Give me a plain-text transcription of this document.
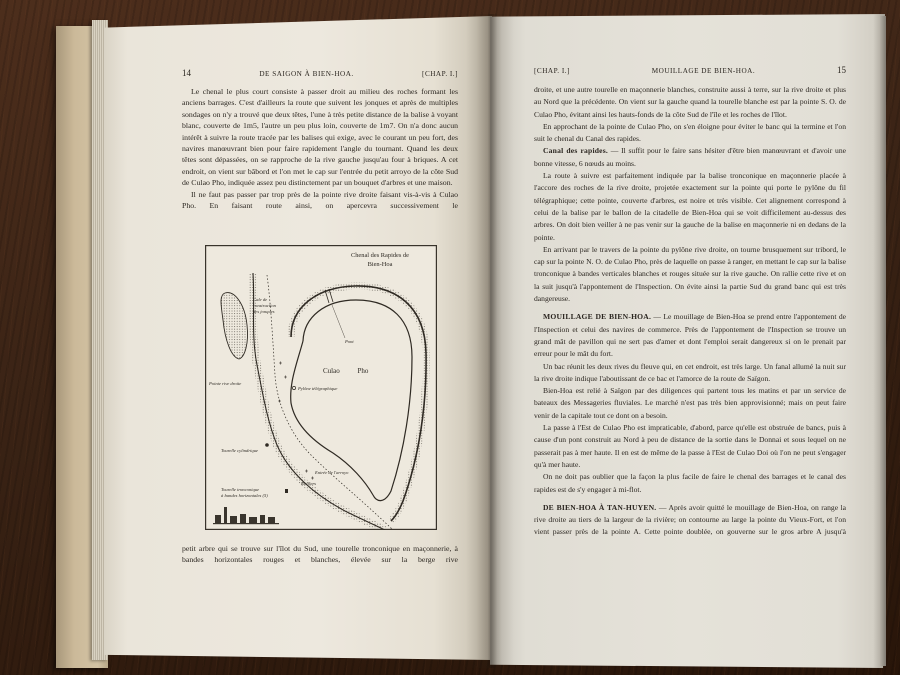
14	DE SAIGON À BIEN-HOA.	[CHAP. I.]

Le chenal le plus court consiste à passer droit au milieu des roches formant les anciens barrages. C'est d'ailleurs la route que suivent les jonques et après de multiples sondages on n'y a trouvé que deux têtes, l'une à très petite distance de la balise à voyant blanc, couverte de 1m5, l'autre un peu plus loin, couverte de 1m7. On n'a donc aucun intérêt à suivre la route tracée par les balises qui exige, avec le courant un peu fort, des navires manœuvrant bien pour faire rapidement l'angle du tournant. Quand les deux têtes sont dépassées, on se rapproche de la rive gauche jusqu'au four à briques. A cet endroit, on vient sur bâbord et l'on met le cap sur l'entrée du petit arroyo de la côte Sud de Culao Pho, indiquée assez peu distinctement par un bouquet d'arbres et une maison.

Il ne faut pas passer par trop près de la pointe rive droite faisant vis-à-vis à Culao Pho. En faisant route ainsi, on apercevra successivement le

Chenal des Rapides de
Bien-Hoa
Culao Pho
Cale de
construction
des jonques
Pont
Pylône télégraphique
Pointe rive droite
Tourelle cylindrique
Entrée de l'arroyo
Rochers
Tourelle tronconique
à bandes horizontales (5)

petit arbre qui se trouve sur l'îlot du Sud, une tourelle tronconique en maçonnerie, à bandes horizontales rouges et blanches, élevée sur la berge rive

[CHAP. I.]	MOUILLAGE DE BIEN-HOA.	15

droite, et une autre tourelle en maçonnerie blanches, construite aussi à terre, sur la rive droite et plus au Nord que la précédente. On vient sur la gauche quand la tourelle blanche est par la pointe S. O. de Culao Pho, évitant ainsi les hauts-fonds de la côte Sud de l'île et les roches de l'îlot.

En approchant de la pointe de Culao Pho, on s'en éloigne pour éviter le banc qui la termine et l'on suit le chenal du Canal des rapides.

Canal des rapides. — Il suffit pour le faire sans hésiter d'être bien manœuvrant et d'avoir une bonne vitesse, 6 nœuds au moins.

La route à suivre est parfaitement indiquée par la balise tronconique en maçonnerie placée à l'accore des roches de la rive droite, projetée exactement sur la pointe qui porte le pylône du fil télégraphique; cette pointe, couverte d'arbres, est noire et très visible. Cet alignement correspond à celui de la balise par le ballon de la citadelle de Bien-Hoa qui se voit difficilement au-dessus des arbres. On doit bien veiller à ne pas venir sur la gauche de la balise en maçonnerie ni en dedans de la pointe.

En arrivant par le travers de la pointe du pylône rive droite, on tourne brusquement sur tribord, le cap sur la pointe N. O. de Culao Pho, près de laquelle on passe à ranger, en mettant le cap sur la balise tronconique à bandes verticales blanches et rouges située sur la rive gauche. On rallie cette rive et on la suit jusqu'à l'appontement de l'Inspection. On évite ainsi la partie Sud du grand banc qui est très dangereuse.

MOUILLAGE DE BIEN-HOA. — Le mouillage de Bien-Hoa se prend entre l'appontement de l'Inspection et celui des navires de commerce. Près de l'appontement de l'Inspection se trouve un grand mât de pavillon qui ne sert pas d'amer et dont l'emploi serait dangereux si on le prenait par erreur pour le mât du fort.

Un bac réunit les deux rives du fleuve qui, en cet endroit, est très large. Un fanal allumé la nuit sur la rive droite indique l'aboutissant de ce bac et l'amorce de la route de Saïgon.

Bien-Hoa est relié à Saïgon par des diligences qui partent tous les matins et par un service de bateaux des Messageries fluviales. Le marché n'est pas très bien approvisionné; mais on peut faire venir de la capitale tout ce dont on a besoin.

La passe à l'Est de Culao Pho est impraticable, d'abord, parce qu'elle est obstruée de bancs, puis à cause d'un pont construit au Nord à peu de distance de la sortie dans le Donnai et sous lequel on ne passerait pas à mer haute. Il en est de même de la passe à l'Est de Culao Doi où l'on ne peut s'engager qu'à mer haute.

On ne doit pas oublier que la façon la plus facile de faire le chenal des barrages et le canal des rapides est de s'y engager à mi-flot.

DE BIEN-HOA À TAN-HUYEN. — Après avoir quitté le mouillage de Bien-Hoa, on range la rive droite au tiers de la largeur de la rivière; on contourne au large la pointe du Vieux-Fort, et l'on vient passer près de la pointe A. Cette pointe doublée, on gouverne sur le gros arbre A jusqu'à
